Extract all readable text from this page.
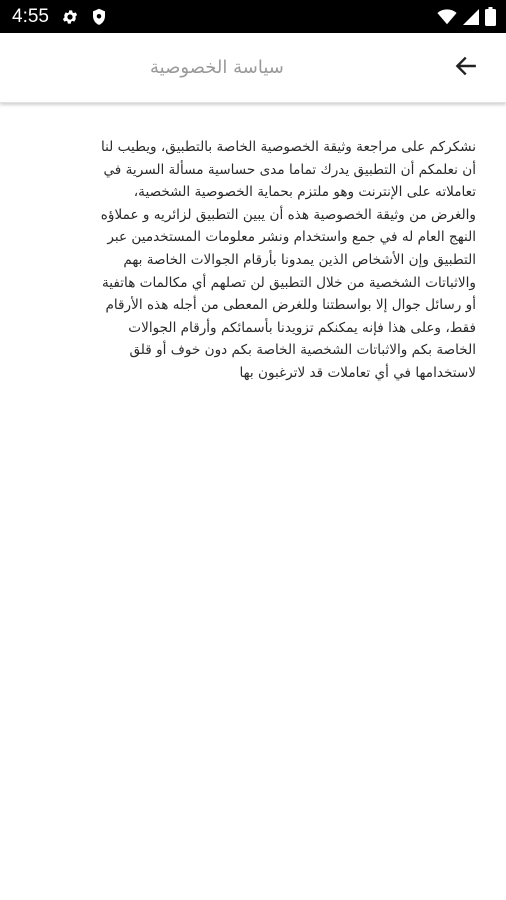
4:55
سياسة الخصوصية
نشكركم على مراجعة وثيقة الخصوصية الخاصة بالتطبيق، ويطيب لنا
أن نعلمكم أن التطبيق يدرك تماما مدى حساسية مسألة السرية في
تعاملاته على الإنترنت وهو ملتزم بحماية الخصوصية الشخصية،
والغرض من وثيقة الخصوصية هذه أن يبين التطبيق لزائريه و عملاؤه
النهج العام له في جمع واستخدام ونشر معلومات المستخدمين عبر
التطبيق وإن الأشخاص الذين يمدونا بأرقام الجوالات الخاصة بهم
والاثباتات الشخصية من خلال التطبيق لن تصلهم أي مكالمات هاتفية
أو رسائل جوال إلا بواسطتنا وللغرض المعطى من أجله هذه الأرقام
فقط، وعلى هذا فإنه يمكنكم تزويدنا بأسمائكم وأرقام الجوالات
الخاصة بكم والاثباتات الشخصية الخاصة بكم دون خوف أو قلق
لاستخدامها في أي تعاملات قد لاترغبون بها
